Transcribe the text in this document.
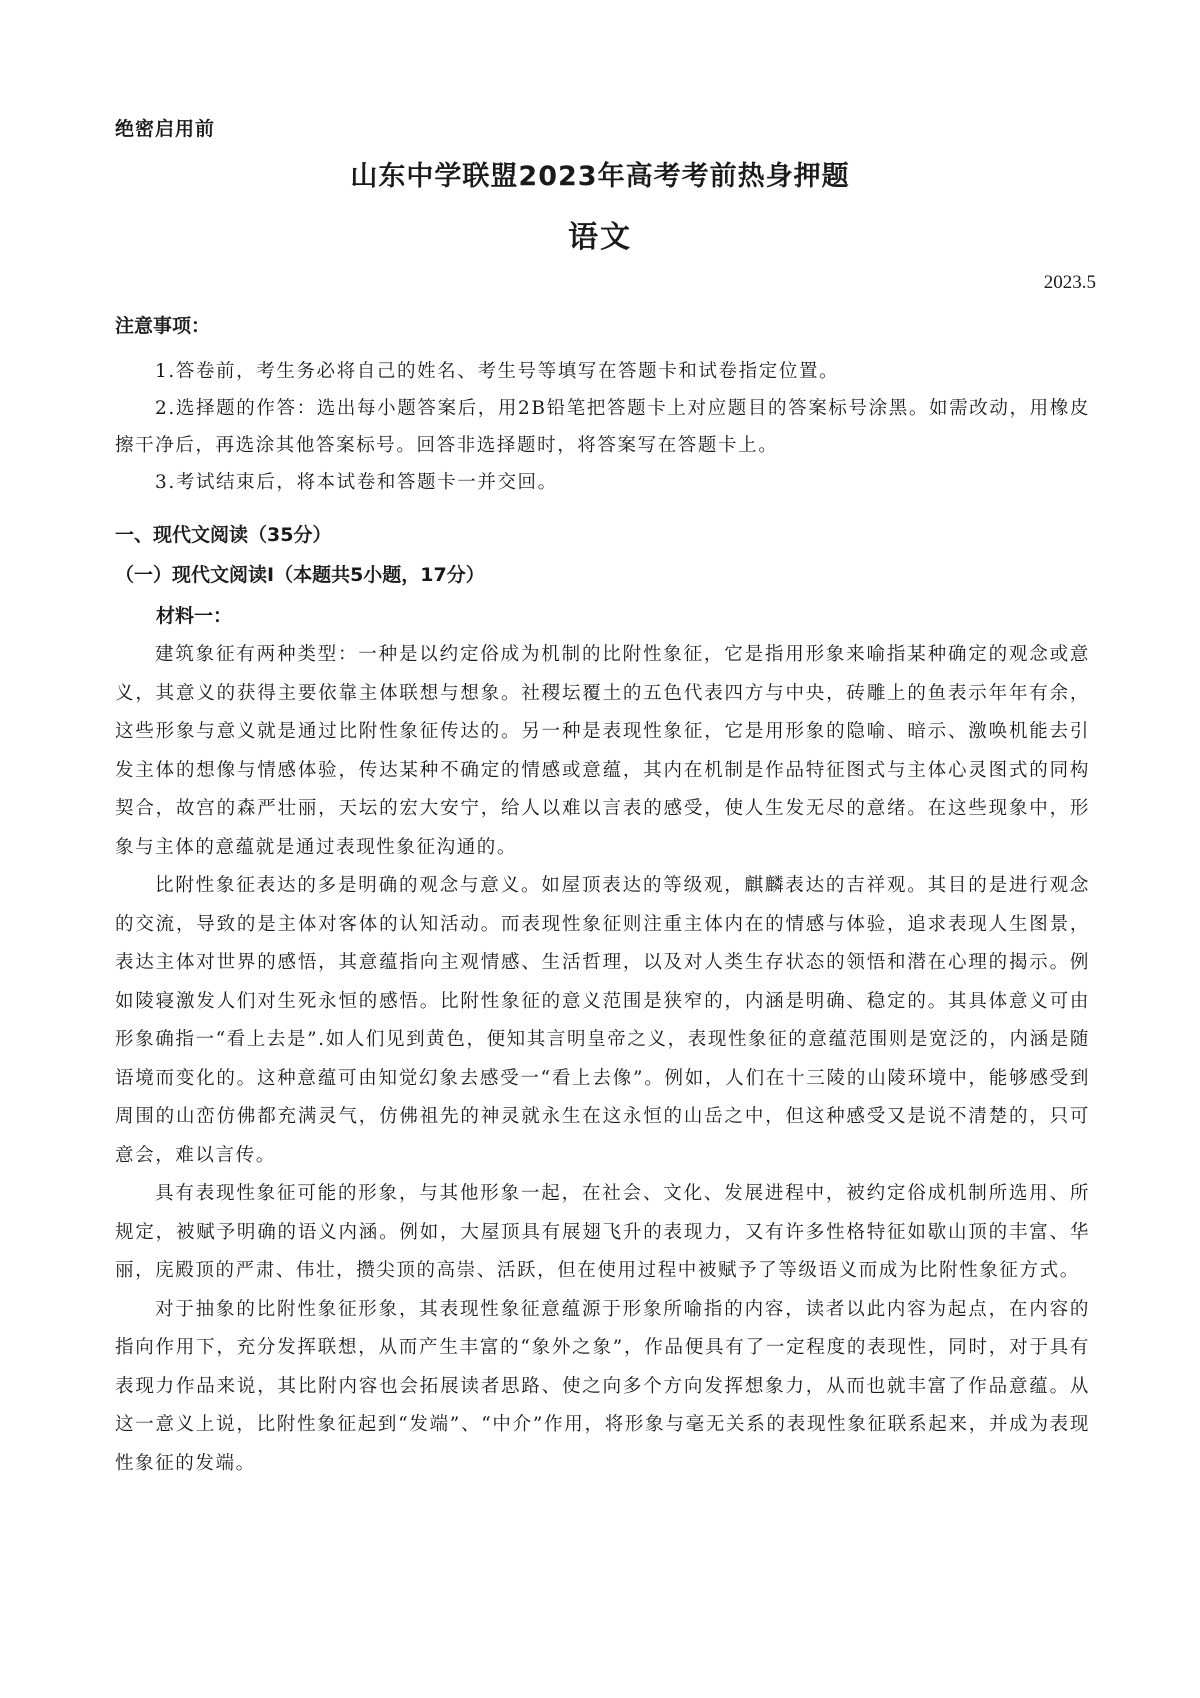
绝密启用前
山东中学联盟2023年高考考前热身押题
语文
2023.5
注意事项：
1.答卷前，考生务必将自己的姓名、考生号等填写在答题卡和试卷指定位置。
2.选择题的作答：选出每小题答案后，用2B铅笔把答题卡上对应题目的答案标号涂黑。如需改动，用橡皮擦干净后，再选涂其他答案标号。回答非选择题时，将答案写在答题卡上。
3.考试结束后，将本试卷和答题卡一并交回。
一、现代文阅读（35分）
（一）现代文阅读Ⅰ（本题共5小题，17分）
材料一：

建筑象征有两种类型：一种是以约定俗成为机制的比附性象征，它是指用形象来喻指某种确定的观念或意义，其意义的获得主要依靠主体联想与想象。社稷坛覆土的五色代表四方与中央，砖雕上的鱼表示年年有余，这些形象与意义就是通过比附性象征传达的。另一种是表现性象征，它是用形象的隐喻、暗示、激唤机能去引发主体的想像与情感体验，传达某种不确定的情感或意蕴，其内在机制是作品特征图式与主体心灵图式的同构契合，故宫的森严壮丽，天坛的宏大安宁，给人以难以言表的感受，使人生发无尽的意绪。在这些现象中，形象与主体的意蕴就是通过表现性象征沟通的。

比附性象征表达的多是明确的观念与意义。如屋顶表达的等级观，麒麟表达的吉祥观。其目的是进行观念的交流，导致的是主体对客体的认知活动。而表现性象征则注重主体内在的情感与体验，追求表现人生图景，表达主体对世界的感悟，其意蕴指向主观情感、生活哲理，以及对人类生存状态的领悟和潜在心理的揭示。例如陵寝激发人们对生死永恒的感悟。比附性象征的意义范围是狭窄的，内涵是明确、稳定的。其具体意义可由形象确指一“看上去是”.如人们见到黄色，便知其言明皇帝之义，表现性象征的意蕴范围则是宽泛的，内涵是随语境而变化的。这种意蕴可由知觉幻象去感受一“看上去像”。例如，人们在十三陵的山陵环境中，能够感受到周围的山峦仿佛都充满灵气，仿佛祖先的神灵就永生在这永恒的山岳之中，但这种感受又是说不清楚的，只可意会，难以言传。

具有表现性象征可能的形象，与其他形象一起，在社会、文化、发展进程中，被约定俗成机制所选用、所规定，被赋予明确的语义内涵。例如，大屋顶具有展翅飞升的表现力，又有许多性格特征如歇山顶的丰富、华丽，庑殿顶的严肃、伟壮，攒尖顶的高崇、活跃，但在使用过程中被赋予了等级语义而成为比附性象征方式。

对于抽象的比附性象征形象，其表现性象征意蕴源于形象所喻指的内容，读者以此内容为起点，在内容的指向作用下，充分发挥联想，从而产生丰富的“象外之象”，作品便具有了一定程度的表现性，同时，对于具有表现力作品来说，其比附内容也会拓展读者思路、使之向多个方向发挥想象力，从而也就丰富了作品意蕴。从这一意义上说，比附性象征起到“发端”、“中介”作用，将形象与毫无关系的表现性象征联系起来，并成为表现性象征的发端。
